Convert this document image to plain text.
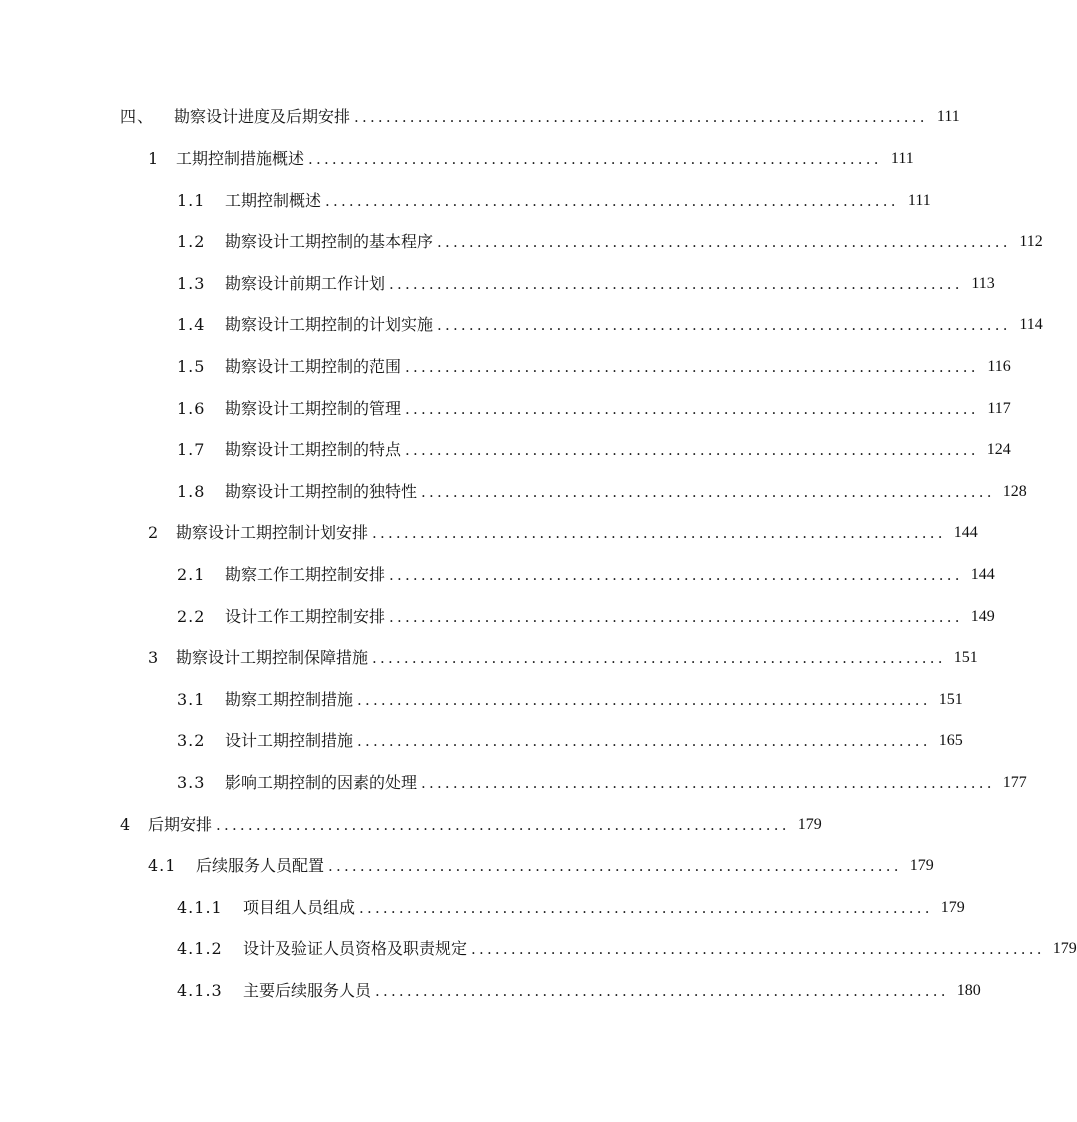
四、	勘察设计进度及后期安排 ........................................................................ 111
1	工期控制措施概述 ........................................................................ 111
1.1	工期控制概述 ........................................................................ 111
1.2	勘察设计工期控制的基本程序 ........................................................................ 112
1.3	勘察设计前期工作计划 ........................................................................ 113
1.4	勘察设计工期控制的计划实施 ........................................................................ 114
1.5	勘察设计工期控制的范围 ........................................................................ 116
1.6	勘察设计工期控制的管理 ........................................................................ 117
1.7	勘察设计工期控制的特点 ........................................................................ 124
1.8	勘察设计工期控制的独特性 ........................................................................ 128
2	勘察设计工期控制计划安排 ........................................................................ 144
2.1	勘察工作工期控制安排 ........................................................................ 144
2.2	设计工作工期控制安排 ........................................................................ 149
3	勘察设计工期控制保障措施 ........................................................................ 151
3.1	勘察工期控制措施 ........................................................................ 151
3.2	设计工期控制措施 ........................................................................ 165
3.3	影响工期控制的因素的处理 ........................................................................ 177
4	后期安排 ........................................................................ 179
4.1	后续服务人员配置 ........................................................................ 179
4.1.1	项目组人员组成 ........................................................................ 179
4.1.2	设计及验证人员资格及职责规定 ........................................................................ 179
4.1.3	主要后续服务人员 ........................................................................ 180
